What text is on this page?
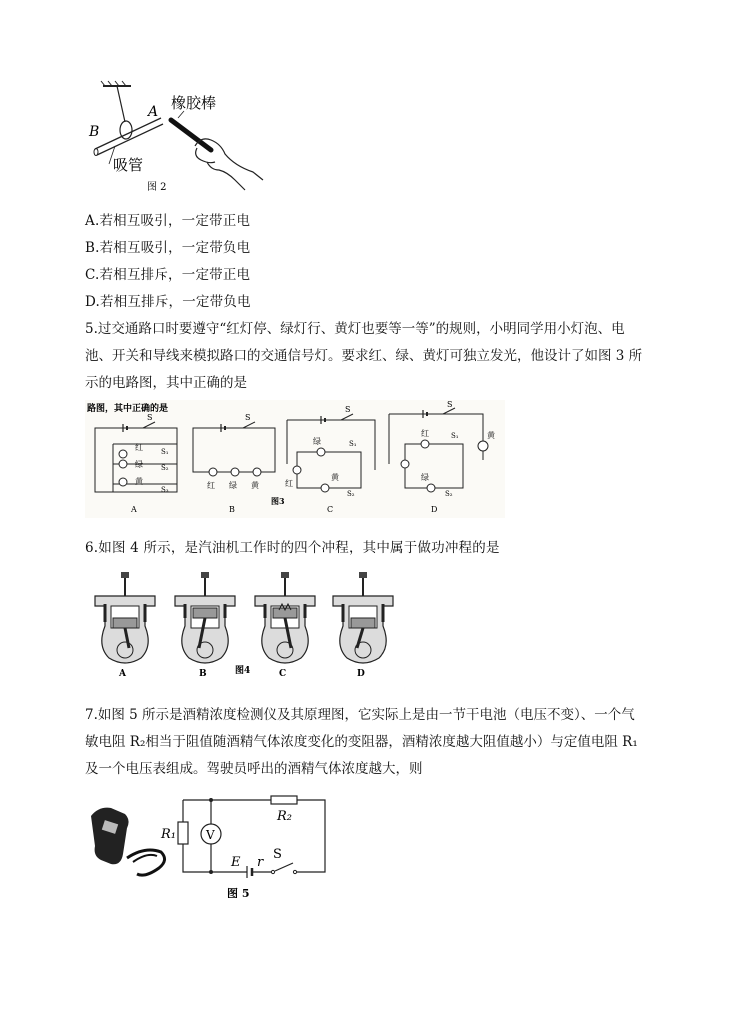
B
A 橡胶棒
吸管
图 2
A.若相互吸引，一定带正电
B.若相互吸引，一定带负电
C.若相互排斥，一定带正电
D.若相互排斥，一定带负电
5.过交通路口时要遵守“红灯停、绿灯行、黄灯也要等一等”的规则，小明同学用小灯泡、电
池、开关和导线来模拟路口的交通信号灯。要求红、绿、黄灯可独立发光，他设计了如图 3 所
示的电路图，其中正确的是
路图，其中正确的是
S
红
绿
黄
S₁
S₂
S₃
A
S
红 绿 黄
B
图3
S
绿
黄
红
S₁
S₂
C
S
红
绿
黄
S₁
S₂
D
6.如图 4 所示，是汽油机工作时的四个冲程，其中属于做功冲程的是
A	B	图4	C	D
7.如图 5 所示是酒精浓度检测仪及其原理图，它实际上是由一节干电池（电压不变）、一个气
敏电阻 R₂相当于阻值随酒精气体浓度变化的变阻器，酒精浓度越大阻值越小）与定值电阻 R₁
及一个电压表组成。驾驶员呼出的酒精气体浓度越大，则
V
R₁
R₂
E r
S
图 5
